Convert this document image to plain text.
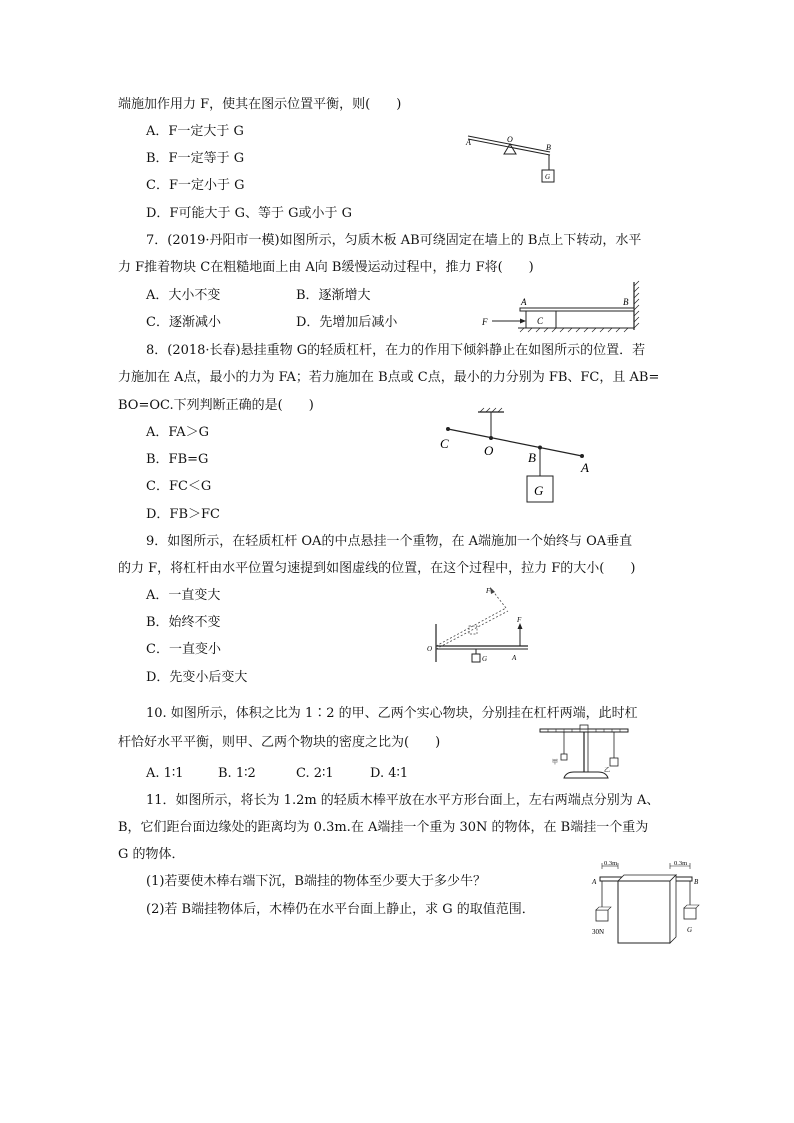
端施加作用力 F，使其在图示位置平衡，则(　　)
A．F一定大于 G
B．F一定等于 G
C．F一定小于 G
D．F可能大于 G、等于 G或小于 G
A	O
B
G
7．(2019·丹阳市一模)如图所示，匀质木板 AB可绕固定在墙上的 B点上下转动，水平
力 F推着物块 C在粗糙地面上由 A向 B缓慢运动过程中，推力 F将(　　)
A．大小不变	B．逐渐增大
C．逐渐减小	D．先增加后减小
A	B
C
F
8．(2018·长春)悬挂重物 G的轻质杠杆，在力的作用下倾斜静止在如图所示的位置．若
力施加在 A点，最小的力为 FA；若力施加在 B点或 C点，最小的力分别为 FB、FC，且 AB=
BO=OC.下列判断正确的是(　　)
A．FA＞G
B．FB=G
C．FC＜G
D．FB＞FC
C	O	B
A
G
9．如图所示，在轻质杠杆 OA的中点悬挂一个重物，在 A端施加一个始终与 OA垂直
的力 F，将杠杆由水平位置匀速提到如图虚线的位置，在这个过程中，拉力 F的大小(　　)
A．一直变大
B．始终不变
C．一直变小
D．先变小后变大
F
F
O
A
G
10. 如图所示，体积之比为 1∶2 的甲、乙两个实心物块，分别挂在杠杆两端，此时杠
杆恰好水平平衡，则甲、乙两个物块的密度之比为(　　)
A. 1∶1	B. 1∶2	C. 2∶1	D. 4∶1
甲
乙
11．如图所示，将长为 1.2m 的轻质木棒平放在水平方形台面上，左右两端点分别为 A、
B，它们距台面边缘处的距离均为 0.3m.在 A端挂一个重为 30N 的物体，在 B端挂一个重为
G 的物体．
(1)若要使木棒右端下沉，B端挂的物体至少要大于多少牛？
(2)若 B端挂物体后，木棒仍在水平台面上静止，求 G 的取值范围．
0.3m	0.3m
A	B
30N	G
